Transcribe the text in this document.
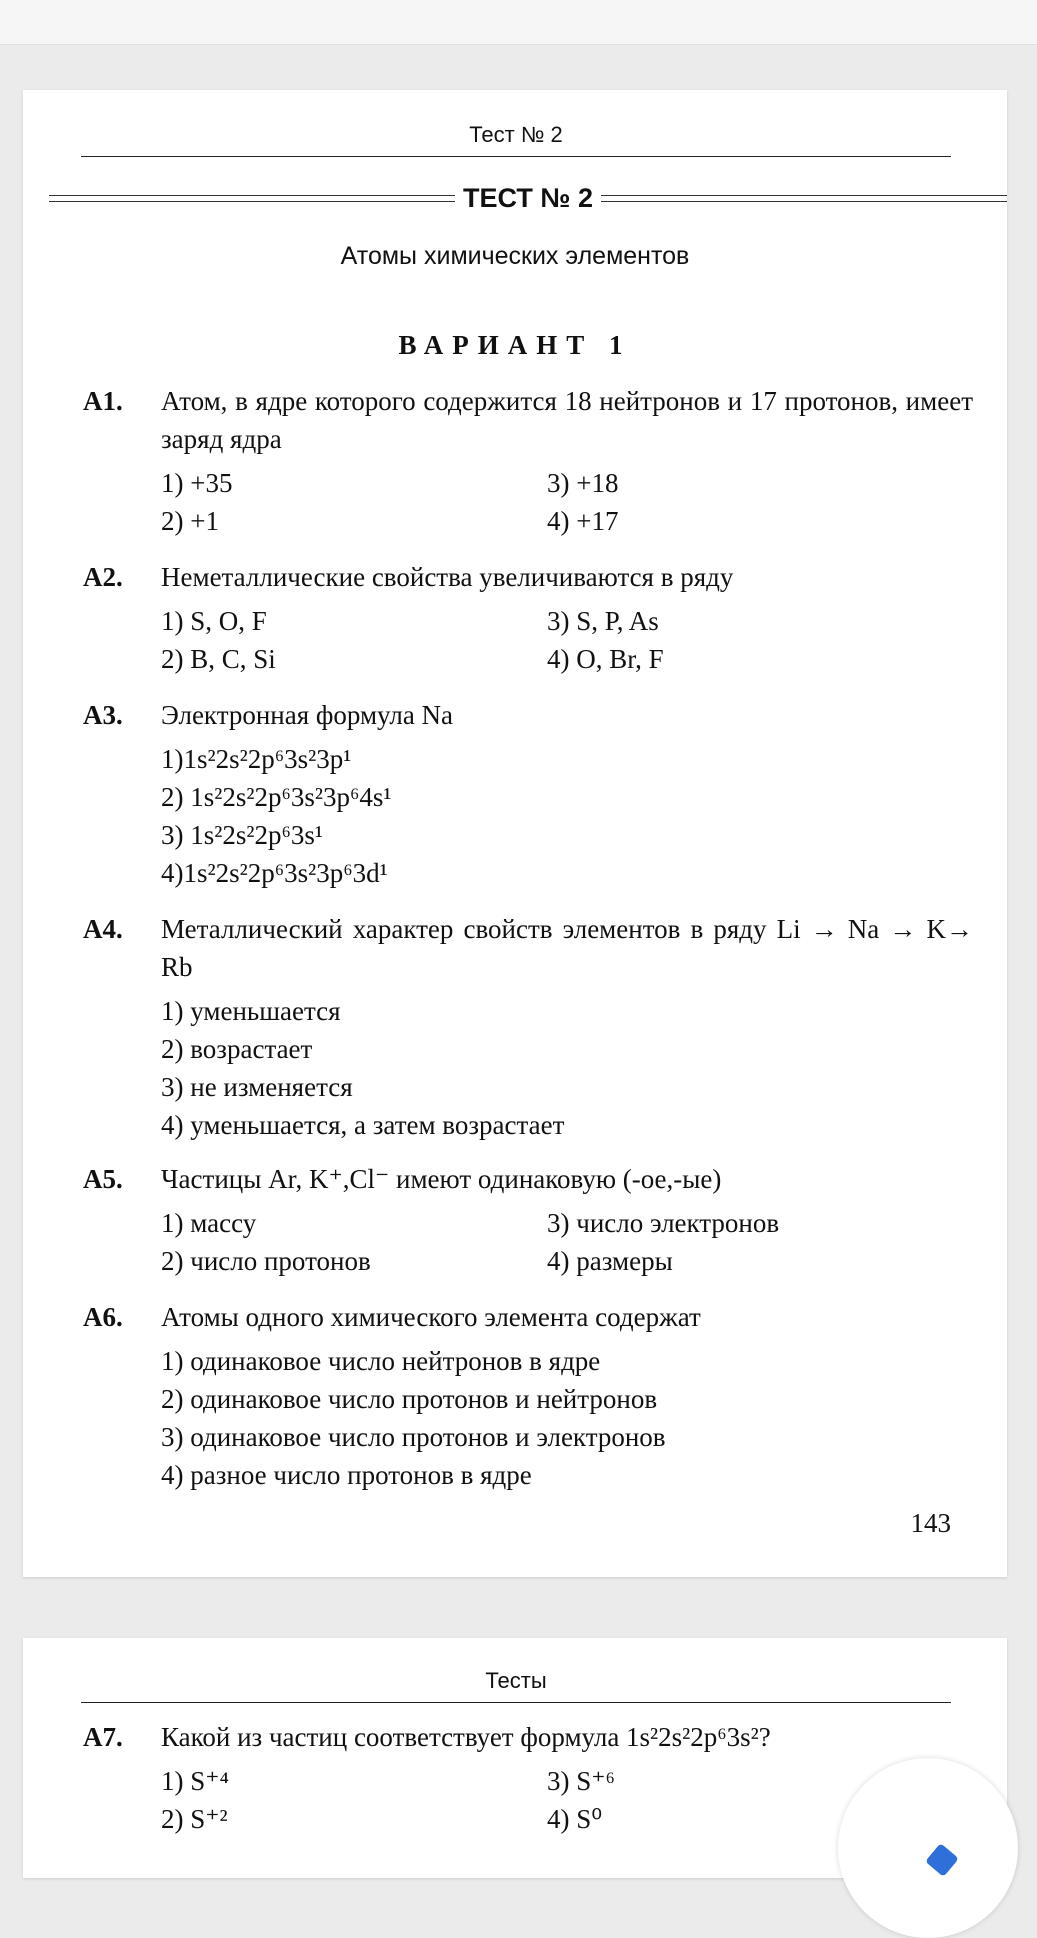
Тест № 2
ТЕСТ № 2
Атомы химических элементов
ВАРИАНТ 1
А1.	Атом, в ядре которого содержится 18 нейтронов и 17 протонов, имеет заряд ядра
1) +35	3) +18
2) +1	4) +17
А2.	Неметаллические свойства увеличиваются в ряду
1) S, O, F	3) S, P, As
2) B, C, Si	4) O, Br, F
А3.	Электронная формула Na
1)1s²2s²2p⁶3s²3p¹
2) 1s²2s²2p⁶3s²3p⁶4s¹
3) 1s²2s²2p⁶3s¹
4)1s²2s²2p⁶3s²3p⁶3d¹
А4.	Металлический характер свойств элементов в ряду Li → Na → K→ Rb
1) уменьшается
2) возрастает
3) не изменяется
4) уменьшается, а затем возрастает
А5.	Частицы Ar, K⁺,Cl⁻ имеют одинаковую (-ое,-ые)
1) массу	3) число электронов
2) число протонов	4) размеры
А6.	Атомы одного химического элемента содержат
1) одинаковое число нейтронов в ядре
2) одинаковое число протонов и нейтронов
3) одинаковое число протонов и электронов
4) разное число протонов в ядре
143
Тесты
А7.	Какой из частиц соответствует формула 1s²2s²2p⁶3s²?
1) S⁺⁴	3) S⁺⁶
2) S⁺²	4) S⁰
